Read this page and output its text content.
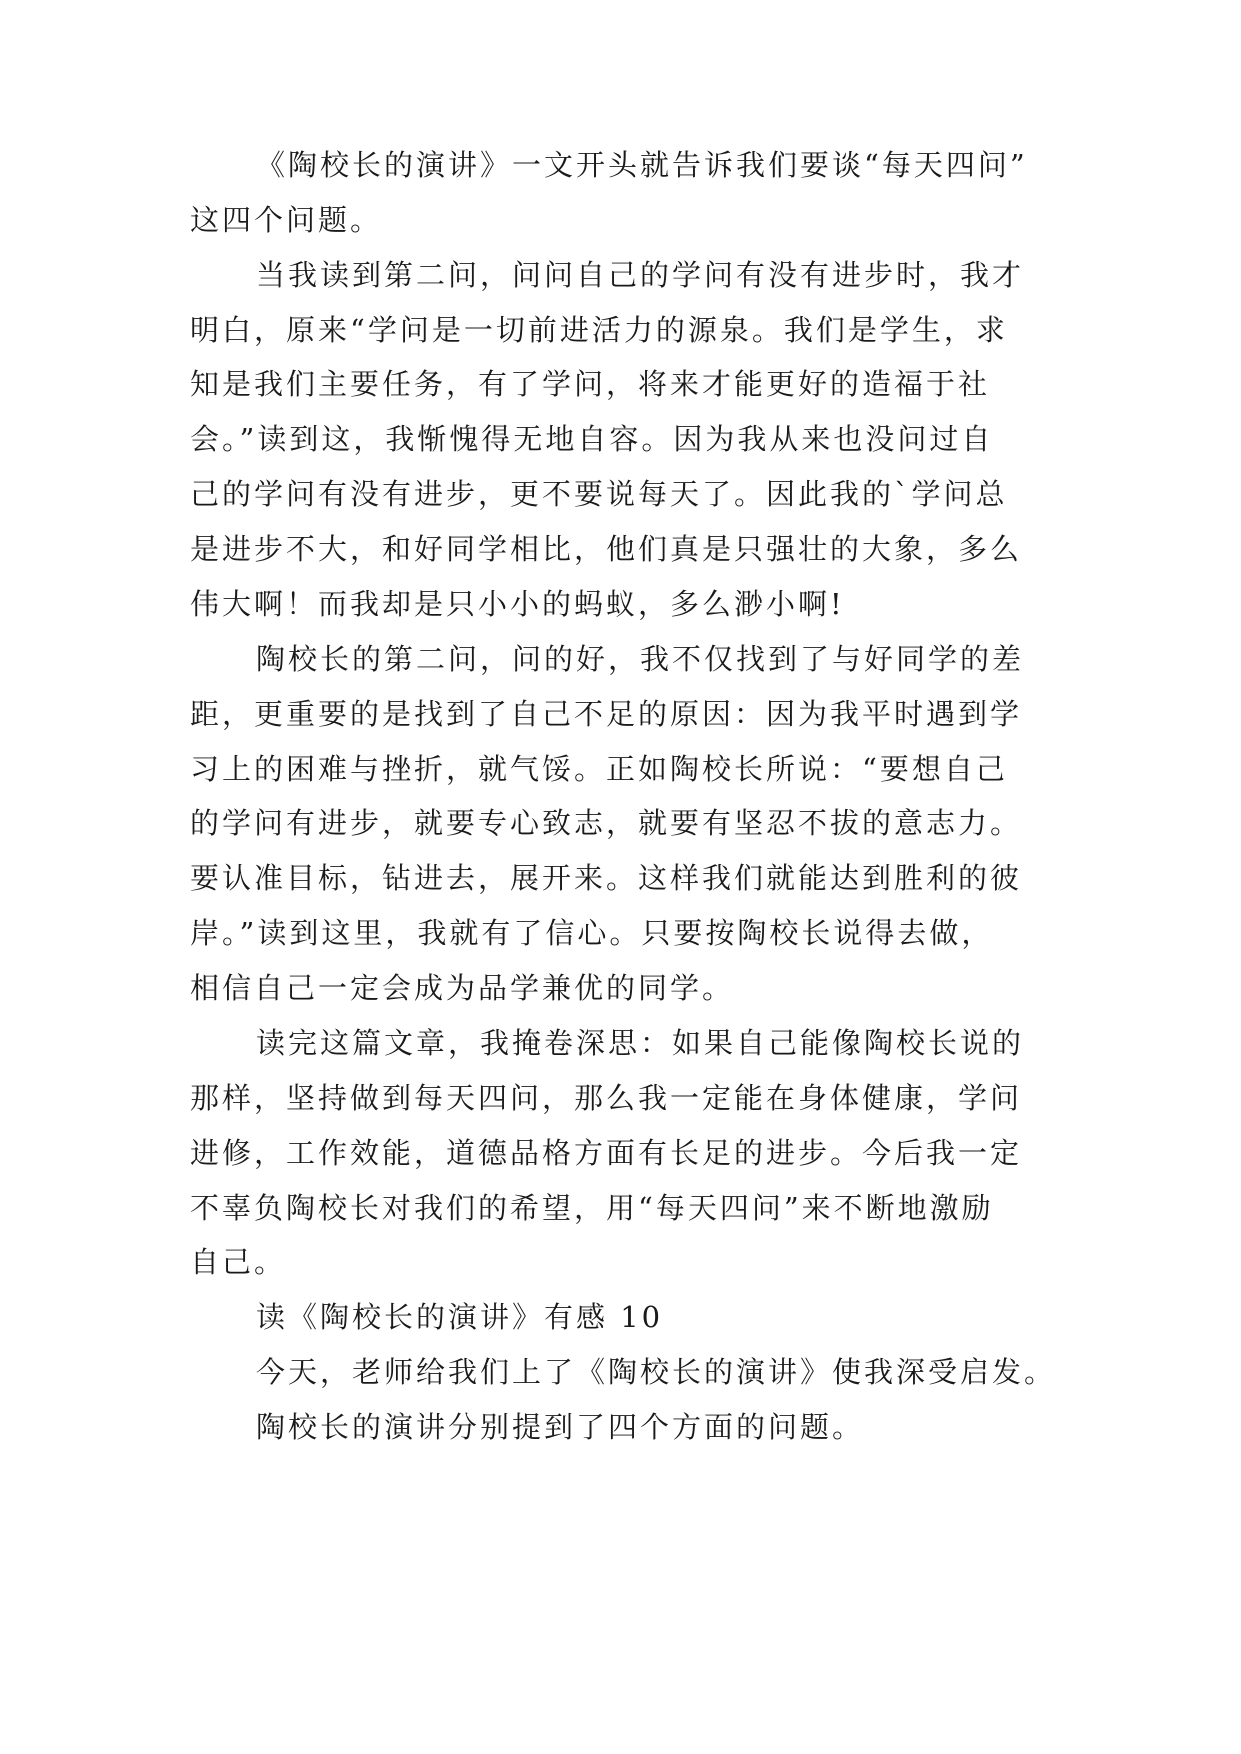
《陶校长的演讲》一文开头就告诉我们要谈“每天四问”
这四个问题。
当我读到第二问，问问自己的学问有没有进步时，我才
明白，原来“学问是一切前进活力的源泉。我们是学生，求
知是我们主要任务，有了学问，将来才能更好的造福于社
会。”读到这，我惭愧得无地自容。因为我从来也没问过自
己的学问有没有进步，更不要说每天了。因此我的`学问总
是进步不大，和好同学相比，他们真是只强壮的大象，多么
伟大啊！而我却是只小小的蚂蚁，多么渺小啊!
陶校长的第二问，问的好，我不仅找到了与好同学的差
距，更重要的是找到了自己不足的原因：因为我平时遇到学
习上的困难与挫折，就气馁。正如陶校长所说：“要想自己
的学问有进步，就要专心致志，就要有坚忍不拔的意志力。
要认准目标，钻进去，展开来。这样我们就能达到胜利的彼
岸。”读到这里，我就有了信心。只要按陶校长说得去做，
相信自己一定会成为品学兼优的同学。
读完这篇文章，我掩卷深思：如果自己能像陶校长说的
那样，坚持做到每天四问，那么我一定能在身体健康，学问
进修，工作效能，道德品格方面有长足的进步。今后我一定
不辜负陶校长对我们的希望，用“每天四问”来不断地激励
自己。
读《陶校长的演讲》有感 10
今天，老师给我们上了《陶校长的演讲》使我深受启发。
陶校长的演讲分别提到了四个方面的问题。
